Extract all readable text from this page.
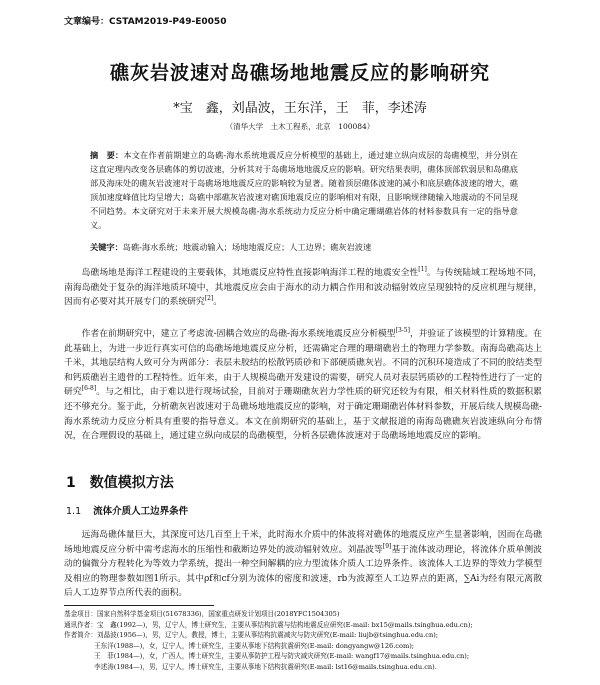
文章编号：CSTAM2019-P49-E0050
礁灰岩波速对岛礁场地地震反应的影响研究
*宝　鑫，刘晶波，王东洋，王　菲，李述涛
（清华大学　土木工程系，北京　100084）
摘　要：本文在作者前期建立的岛礁-海水系统地震反应分析模型的基础上，通过建立纵向成层的岛礁模型，并分别在这直定理内改变各层礁体的剪切波速，分析其对于岛礁场地地震反应的影响。研究结果表明，礁体顶部软弱层和岛礁底部及海床处的礁灰岩波速对于岛礁场地地震反应的影响较为显著。随着顶层礁体波速的减小和底层礁体波速的增大，礁顶加速度峰值比均呈增大；岛礁中部礁灰岩波速对礁顶地震反应的影响相对有限，且影响规律随输入地震动的不同呈现不同趋势。本文研究对于未来开展大规模岛礁-海水系统动力反应分析中确定珊瑚礁岩体的材料参数具有一定的指导意义。
关键字：岛礁-海水系统；地震动输入；场地地震反应；人工边界；礁灰岩波速

岛礁场地是海洋工程建设的主要载体，其地震反应特性直接影响海洋工程的地震安全性[1]。与传统陆域工程场地不同，南海岛礁处于复杂的海洋地质环境中，其地震反应会由于海水的动力耦合作用和波动辐射效应呈现独特的反应机理与规律，因而有必要对其开展专门的系统研究[2]。

作者在前期研究中，建立了考虑流-固耦合效应的岛礁-海水系统地震反应分析模型[3-5]，并验证了该模型的计算精度。在此基础上，为进一步近行真实可信的岛礁场地地震反应分析，还需确定合理的珊瑚礁岩土的物理力学参数。南海岛礁高达上千米，其地层结构人致可分为两部分：表层未胶结的松散钙质砂和下部硬质礁灰岩。不同的沉积环境造成了不同的胶结类型和钙质礁岩主遗骨的工程特性。近年来，由于人规模岛礁开发建设的需要，研究人员对表层钙质砂的工程特性进行了一定的研究[6-8]。与之相比，由于难以进行现场试验，目前对于珊瑚礁灰岩力学性质的研究还较为有限，相关材料性质的数据积累还不够充分。鉴于此，分析礁灰岩波速对于岛礁场地地震反应的影响，对于确定珊瑚礁岩体材料参数，开展后续人规模岛礁-海水系统动力反应分析具有重要的指导意义。本文在前期研究的基础上，基于文献报道的南海岛礁礁灰岩波速纵向分布情况，在合理假设的基础上，通过建立纵向成层的岛礁模型，分析各层礁体波速对于岛礁场地地震反应的影响。

1 数值模拟方法
1.1 流体介质人工边界条件

远海岛礁体量巨大，其深度可达几百至上千米，此时海水介质中的体波将对礁体的地震反应产生显著影响，因而在岛礁场地地震反应分析中需考虑海水的压缩性和截断边界处的波动辐射效应。刘晶波等[9]基于流体波动理论，将流体介质单侧波动的偏微分方程转化为等效力学系统，提出一种空间解耦的应力型流体介质人工边界条件。该流体人工边界的等效力学模型及相应的物理参数如图1所示。其中ρf和cf分别为流体的密度和波速，rb为波源至人工边界点的距离，∑Ai为经有限元离散后人工边界节点所代表的面积。

基金项目：国家自然科学基金项目(51678336)，国家重点研发计划项目(2018YFC1504305)
通讯作者：宝　鑫(1992—)，男，辽宁人，博士研究生，主要从事结构抗震与结构地震反应研究(E-mail: bx15@mails.tsinghua.edu.cn);
作者简介：刘晶波(1956—)，男，辽宁人，教授，博士，主要从事结构抗震减灾与防灾研究(E-mail: liujb@tsinghua.edu.cn);
王东洋(1988—)，女，辽宁人，博士研究生，主要从事地下结构抗震研究(E-mail: dongyangw@126.com);
王　菲(1984—)，女，广西人，博士研究生，主要从事防护工程与防灾减灾研究(E-mail: wangf17@mails.tsinghua.edu.cn);
李述涛(1984—)，男，辽宁人，博士研究生，主要从事地下结构抗震研究(E-mail: lst16@mails.tsinghua.edu.cn).
